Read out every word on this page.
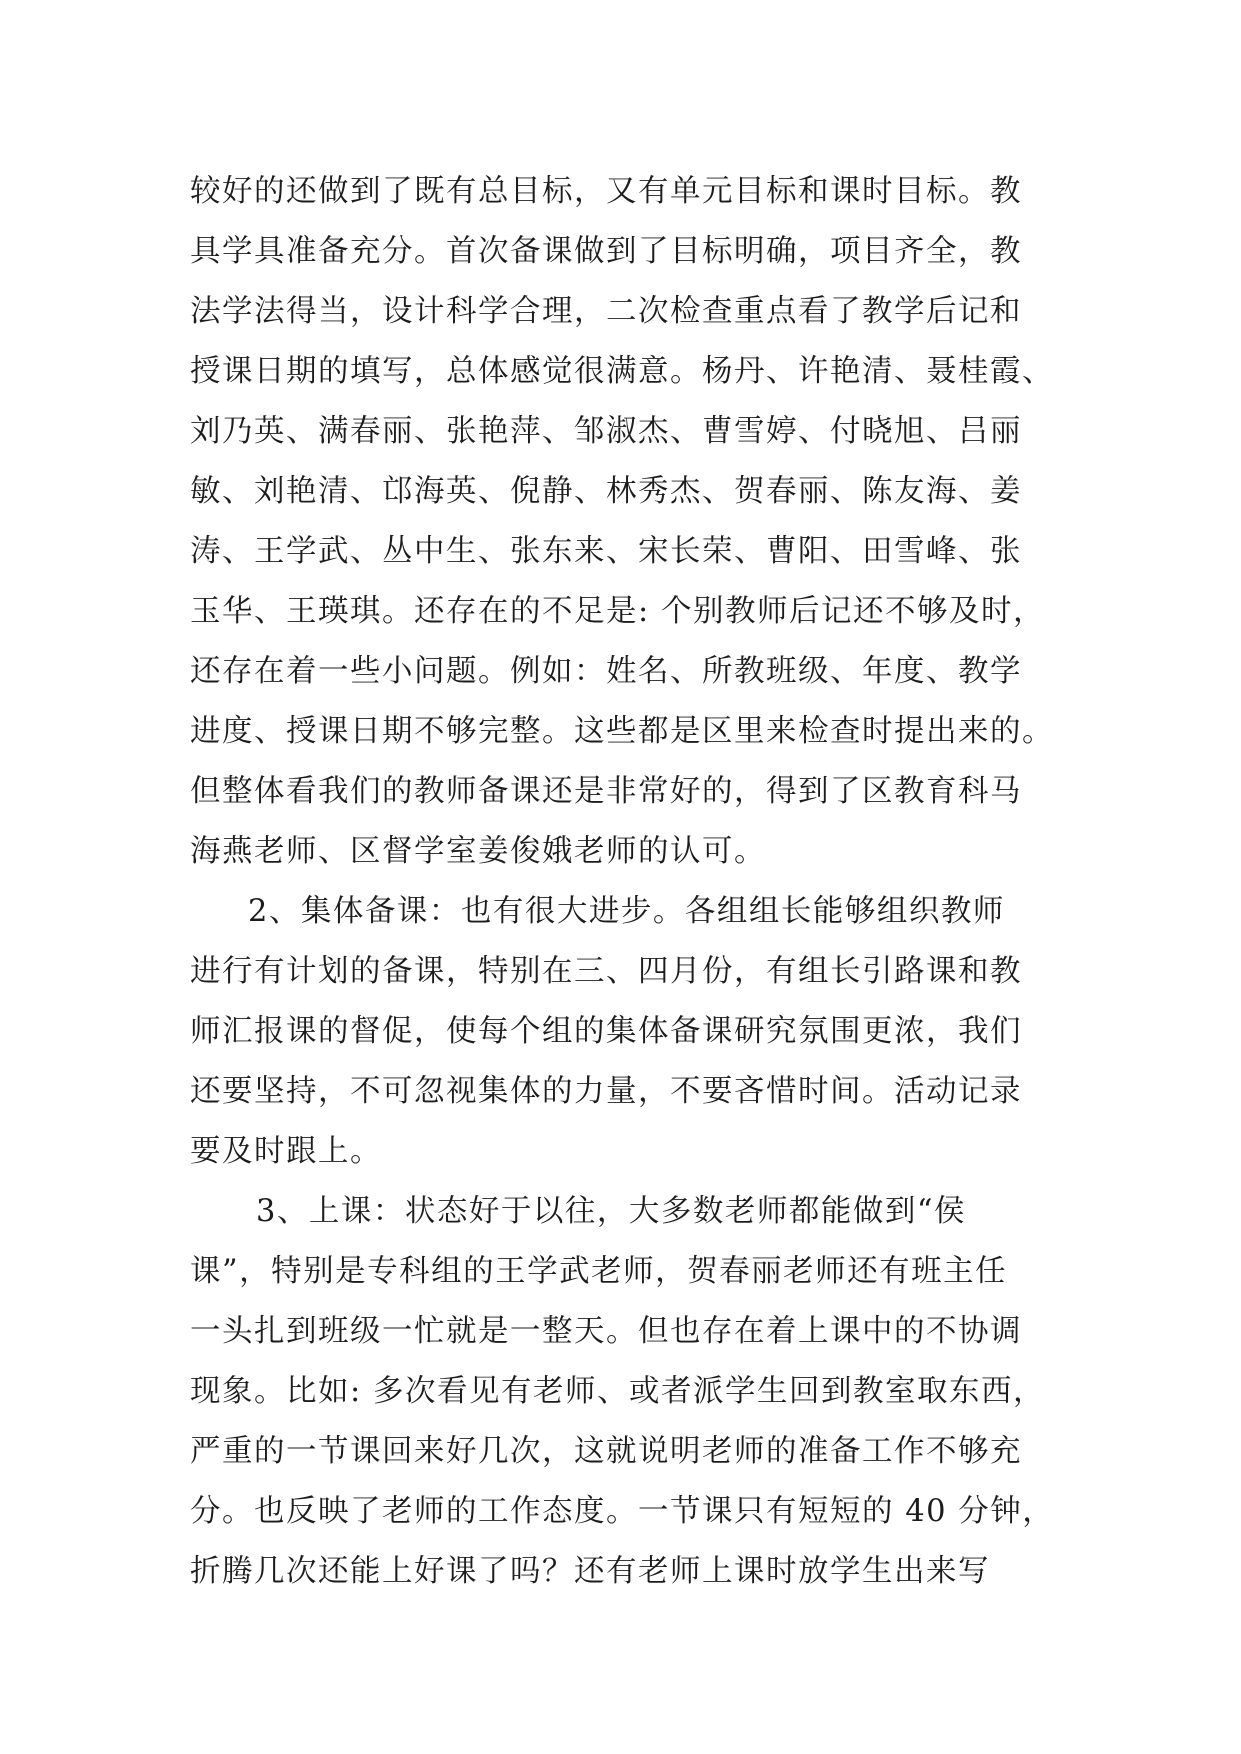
较好的还做到了既有总目标，又有单元目标和课时目标。教
具学具准备充分。首次备课做到了目标明确，项目齐全，教
法学法得当，设计科学合理，二次检查重点看了教学后记和
授课日期的填写，总体感觉很满意。杨丹、许艳清、聂桂霞、
刘乃英、满春丽、张艳萍、邹淑杰、曹雪婷、付晓旭、吕丽
敏、刘艳清、邙海英、倪静、林秀杰、贺春丽、陈友海、姜
涛、王学武、丛中生、张东来、宋长荣、曹阳、田雪峰、张
玉华、王瑛琪。还存在的不足是: 个别教师后记还不够及时，
还存在着一些小问题。例如：姓名、所教班级、年度、教学
进度、授课日期不够完整。这些都是区里来检查时提出来的。
但整体看我们的教师备课还是非常好的，得到了区教育科马
海燕老师、区督学室姜俊娥老师的认可。
2、集体备课：也有很大进步。各组组长能够组织教师
进行有计划的备课，特别在三、四月份，有组长引路课和教
师汇报课的督促，使每个组的集体备课研究氛围更浓，我们
还要坚持，不可忽视集体的力量，不要吝惜时间。活动记录
要及时跟上。
3、上课：状态好于以往，大多数老师都能做到“侯
课”，特别是专科组的王学武老师，贺春丽老师还有班主任
一头扎到班级一忙就是一整天。但也存在着上课中的不协调
现象。比如: 多次看见有老师、或者派学生回到教室取东西，
严重的一节课回来好几次，这就说明老师的准备工作不够充
分。也反映了老师的工作态度。一节课只有短短的 40 分钟，
折腾几次还能上好课了吗？还有老师上课时放学生出来写
